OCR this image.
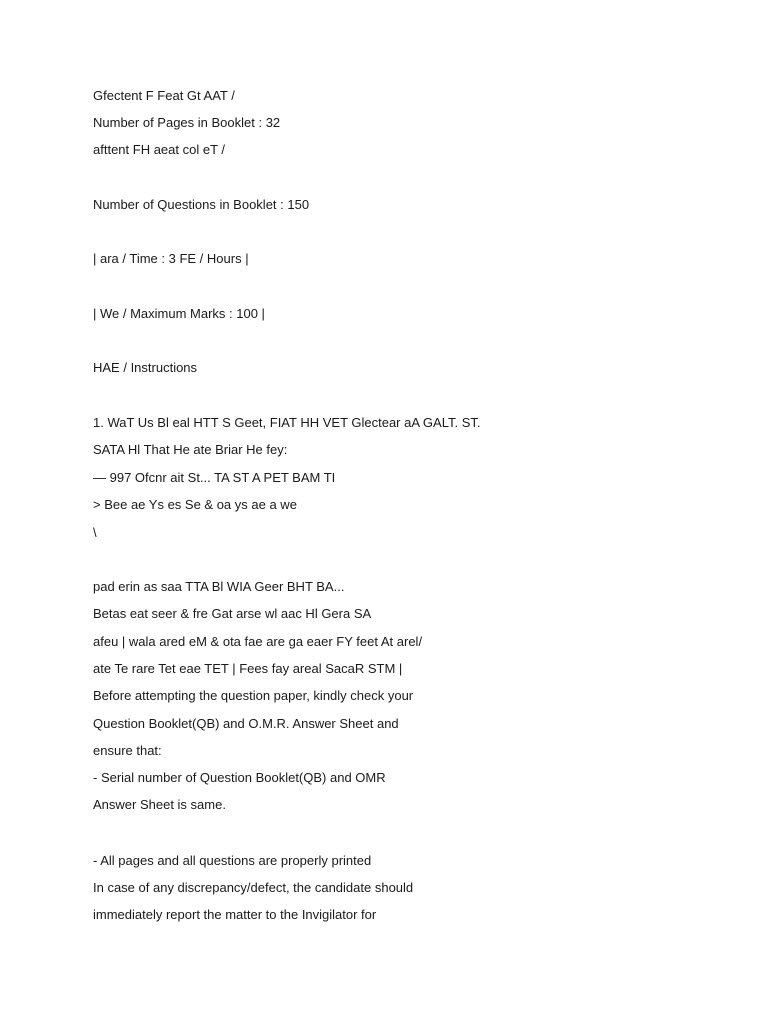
Gfectent F Feat Gt AAT /

Number of Pages in Booklet : 32

afttent FH aeat col eT /

Number of Questions in Booklet : 150

| ara / Time : 3 FE / Hours |

| We / Maximum Marks : 100 |

HAE / Instructions

1. WaT Us Bl eal HTT S Geet, FIAT HH VET Glectear aA GALT. ST.

SATA Hl That He ate Briar He fey:

— 997 Ofcnr ait St... TA ST A PET BAM TI

> Bee ae Ys es Se & oa ys ae a we

\

pad erin as saa TTA Bl WIA Geer BHT BA...

Betas eat seer & fre Gat arse wl aac Hl Gera SA

afeu | wala ared eM & ota fae are ga eaer FY feet At arel/

ate Te rare Tet eae TET | Fees fay areal SacaR STM |

Before attempting the question paper, kindly check your

Question Booklet(QB) and O.M.R. Answer Sheet and

ensure that:

- Serial number of Question Booklet(QB) and OMR

Answer Sheet is same.

- All pages and all questions are properly printed

In case of any discrepancy/defect, the candidate should

immediately report the matter to the Invigilator for
